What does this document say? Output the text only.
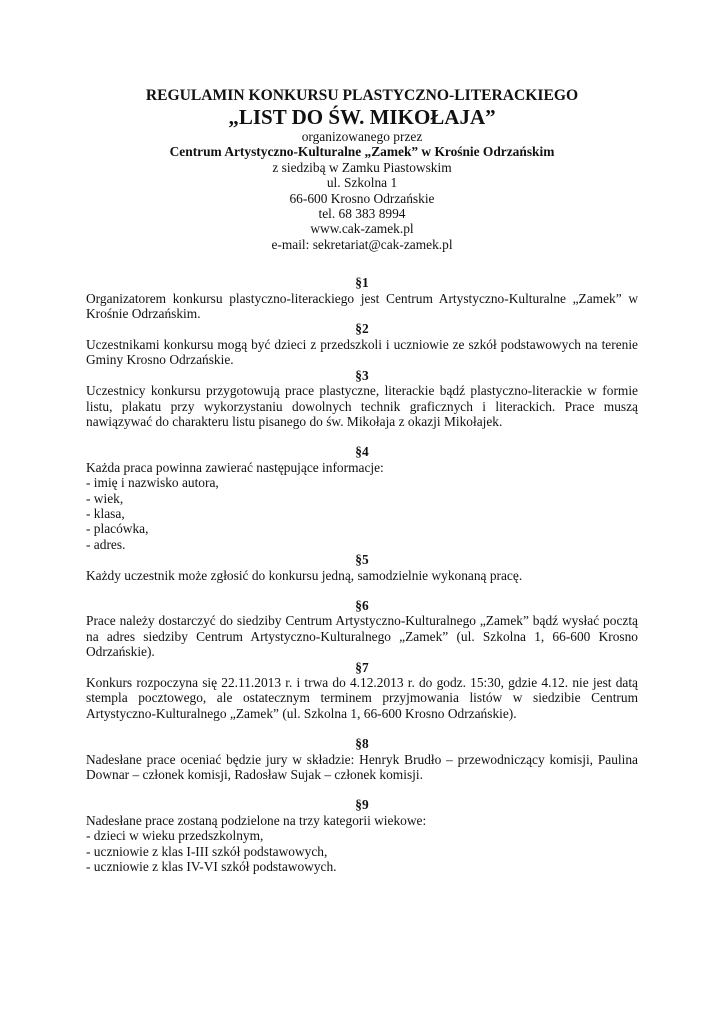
REGULAMIN KONKURSU PLASTYCZNO-LITERACKIEGO
„LIST DO ŚW. MIKOŁAJA”
organizowanego przez
Centrum Artystyczno-Kulturalne „Zamek” w Krośnie Odrzańskim
z siedzibą w Zamku Piastowskim
ul. Szkolna 1
66-600 Krosno Odrzańskie
tel. 68 383 8994
www.cak-zamek.pl
e-mail: sekretariat@cak-zamek.pl
§1

Organizatorem konkursu plastyczno-literackiego jest Centrum Artystyczno-Kulturalne „Zamek” w Krośnie Odrzańskim.

§2

Uczestnikami konkursu mogą być dzieci z przedszkoli i uczniowie ze szkół podstawowych na terenie Gminy Krosno Odrzańskie.

§3

Uczestnicy konkursu przygotowują prace plastyczne, literackie bądź plastyczno-literackie w formie listu, plakatu przy wykorzystaniu dowolnych technik graficznych i literackich. Prace muszą nawiązywać do charakteru listu pisanego do św. Mikołaja z okazji Mikołajek.

§4

Każda praca powinna zawierać następujące informacje:

- imię i nazwisko autora,
- wiek,
- klasa,
- placówka,
- adres.
§5

Każdy uczestnik może zgłosić do konkursu jedną, samodzielnie wykonaną pracę.

§6

Prace należy dostarczyć do siedziby Centrum Artystyczno-Kulturalnego „Zamek” bądź wysłać pocztą na adres siedziby Centrum Artystyczno-Kulturalnego „Zamek” (ul. Szkolna 1, 66-600 Krosno Odrzańskie).

§7

Konkurs rozpoczyna się 22.11.2013 r. i trwa do 4.12.2013 r. do godz. 15:30, gdzie 4.12. nie jest datą stempla pocztowego, ale ostatecznym terminem przyjmowania listów w siedzibie Centrum Artystyczno-Kulturalnego „Zamek” (ul. Szkolna 1, 66-600 Krosno Odrzańskie).

§8

Nadesłane prace oceniać będzie jury w składzie: Henryk Brudło – przewodniczący komisji, Paulina Downar – członek komisji, Radosław Sujak – członek komisji.

§9

Nadesłane prace zostaną podzielone na trzy kategorii wiekowe:

- dzieci w wieku przedszkolnym,
- uczniowie z klas I-III szkół podstawowych,
- uczniowie z klas IV-VI szkół podstawowych.
